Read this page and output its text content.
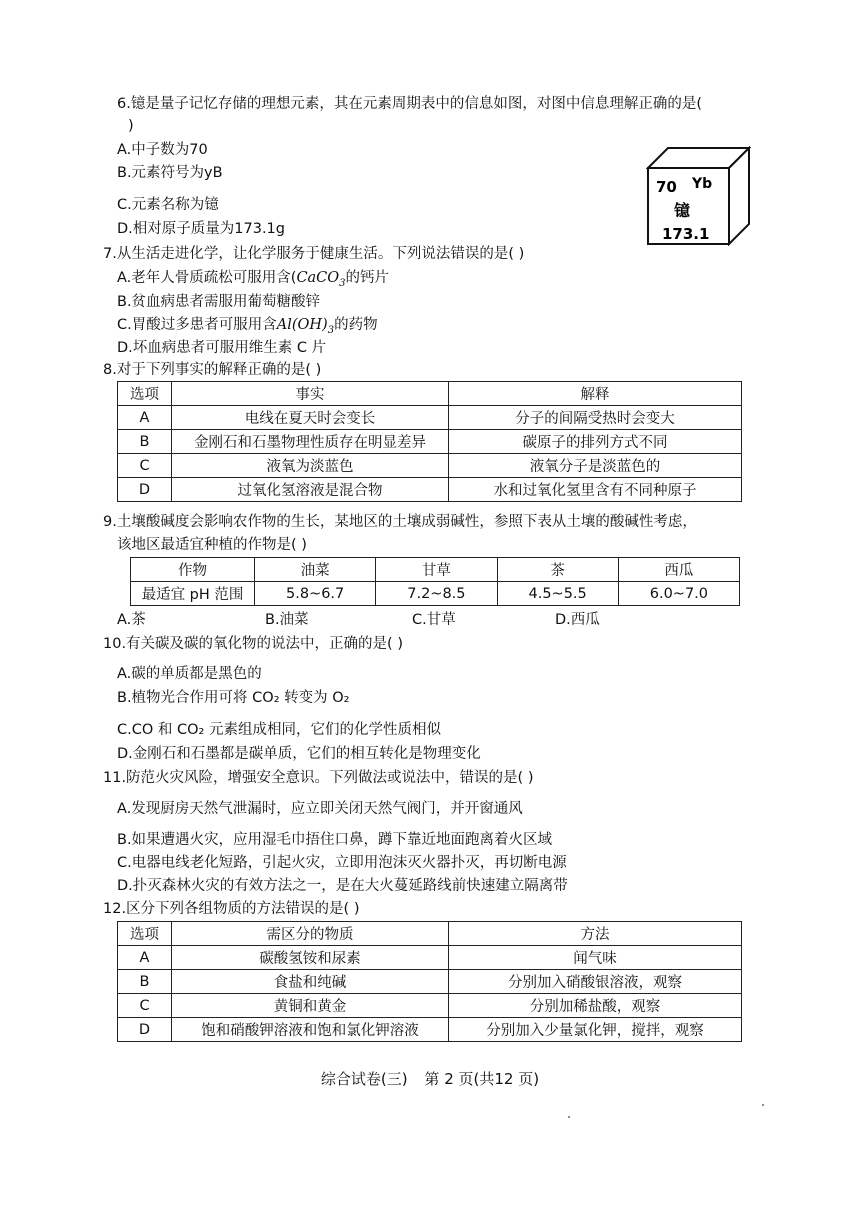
6.镱是量子记忆存储的理想元素，其在元素周期表中的信息如图，对图中信息理解正确的是(
)
A.中子数为70
B.元素符号为yB
C.元素名称为镱
D.相对原子质量为173.1g
70 Yb
镱
173.1
7.从生活走进化学，让化学服务于健康生活。下列说法错误的是( )
A.老年人骨质疏松可服用含(CaCO$_3$的钙片
B.贫血病患者需服用葡萄糖酸锌
C.胃酸过多患者可服用含$Al(OH)_3$的药物
D.坏血病患者可服用维生素 C 片
8.对于下列事实的解释正确的是( )
选项	事实	解释
A	电线在夏天时会变长	分子的间隔受热时会变大
B	金刚石和石墨物理性质存在明显差异	碳原子的排列方式不同
C	液氧为淡蓝色	液氧分子是淡蓝色的
D	过氧化氢溶液是混合物	水和过氧化氢里含有不同种原子
9.土壤酸碱度会影响农作物的生长，某地区的土壤成弱碱性，参照下表从土壤的酸碱性考虑，
该地区最适宜种植的作物是( )
作物	油菜	甘草	茶	西瓜
最适宜 pH 范围	5.8~6.7	7.2~8.5	4.5~5.5	6.0~7.0
A.茶	B.油菜	C.甘草	D.西瓜
10.有关碳及碳的氧化物的说法中，正确的是( )
A.碳的单质都是黑色的
B.植物光合作用可将 CO₂ 转变为 O₂
C.CO 和 CO₂ 元素组成相同，它们的化学性质相似
D.金刚石和石墨都是碳单质，它们的相互转化是物理变化
11.防范火灾风险，增强安全意识。下列做法或说法中，错误的是( )
A.发现厨房天然气泄漏时，应立即关闭天然气阀门，并开窗通风
B.如果遭遇火灾，应用湿毛巾捂住口鼻，蹲下靠近地面跑离着火区域
C.电器电线老化短路，引起火灾，立即用泡沫灭火器扑灭，再切断电源
D.扑灭森林火灾的有效方法之一，是在大火蔓延路线前快速建立隔离带
12.区分下列各组物质的方法错误的是( )
选项	需区分的物质	方法
A	碳酸氢铵和尿素	闻气味
B	食盐和纯碱	分别加入硝酸银溶液，观察
C	黄铜和黄金	分别加稀盐酸，观察
D	饱和硝酸钾溶液和饱和氯化钾溶液	分别加入少量氯化钾，搅拌，观察
综合试卷(三) 第 2 页(共12 页)
